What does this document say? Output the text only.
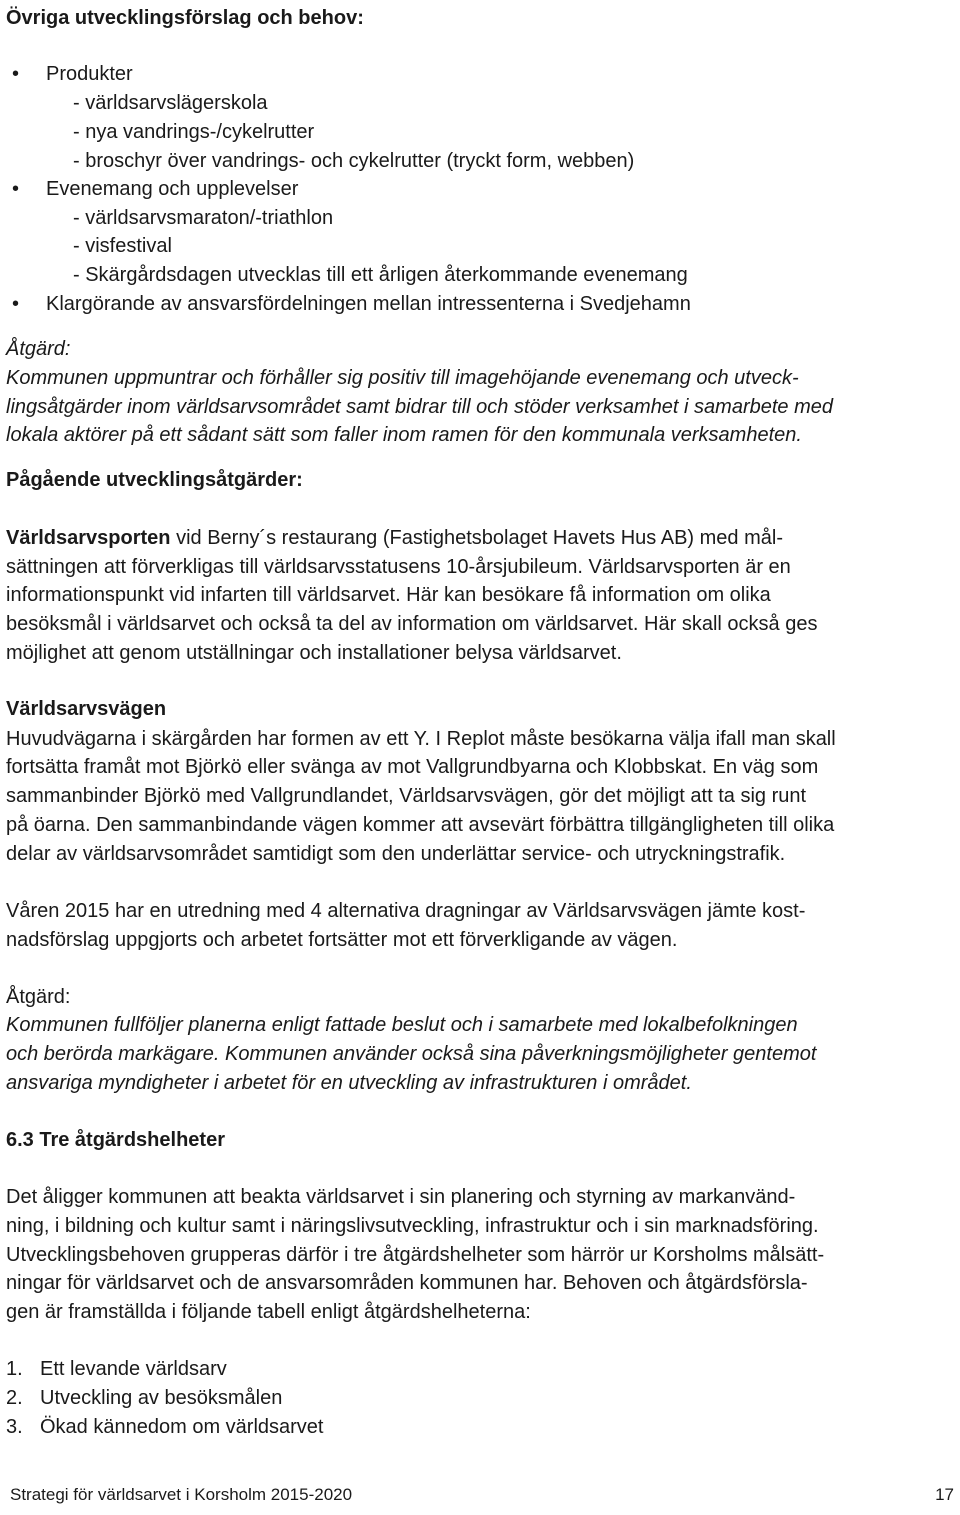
Övriga utvecklingsförslag och behov:
• Produkter
- världsarvslägerskola
- nya vandrings-/cykelrutter
- broschyr över vandrings- och cykelrutter (tryckt form, webben)
• Evenemang och upplevelser
- världsarvsmaraton/-triathlon
- visfestival
- Skärgårdsdagen utvecklas till ett årligen återkommande evenemang
• Klargörande av ansvarsfördelningen mellan intressenterna i Svedjehamn
Åtgärd:
Kommunen uppmuntrar och förhåller sig positiv till imagehöjande evenemang och utveck-
lingsåtgärder inom världsarvsområdet samt bidrar till och stöder verksamhet i samarbete med
lokala aktörer på ett sådant sätt som faller inom ramen för den kommunala verksamheten.
Pågående utvecklingsåtgärder:
Världsarvsporten vid Berny´s restaurang (Fastighetsbolaget Havets Hus AB) med mål-
sättningen att förverkligas till världsarvsstatusens 10-årsjubileum. Världsarvsporten är en
informationspunkt vid infarten till världsarvet. Här kan besökare få information om olika
besöksmål i världsarvet och också ta del av information om världsarvet. Här skall också ges
möjlighet att genom utställningar och installationer belysa världsarvet.
Världsarvsvägen
Huvudvägarna i skärgården har formen av ett Y. I Replot måste besökarna välja ifall man skall
fortsätta framåt mot Björkö eller svänga av mot Vallgrundbyarna och Klobbskat. En väg som
sammanbinder Björkö med Vallgrundlandet, Världsarvsvägen, gör det möjligt att ta sig runt
på öarna. Den sammanbindande vägen kommer att avsevärt förbättra tillgängligheten till olika
delar av världsarvsområdet samtidigt som den underlättar service- och utryckningstrafik.
Våren 2015 har en utredning med 4 alternativa dragningar av Världsarvsvägen jämte kost-
nadsförslag uppgjorts och arbetet fortsätter mot ett förverkligande av vägen.
Åtgärd:
Kommunen fullföljer planerna enligt fattade beslut och i samarbete med lokalbefolkningen
och berörda markägare. Kommunen använder också sina påverkningsmöjligheter gentemot
ansvariga myndigheter i arbetet för en utveckling av infrastrukturen i området.
6.3 Tre åtgärdshelheter
Det åligger kommunen att beakta världsarvet i sin planering och styrning av markanvänd-
ning, i bildning och kultur samt i näringslivsutveckling, infrastruktur och i sin marknadsföring.
Utvecklingsbehoven grupperas därför i tre åtgärdshelheter som härrör ur Korsholms målsätt-
ningar för världsarvet och de ansvarsområden kommunen har. Behoven och åtgärdsförsla-
gen är framställda i följande tabell enligt åtgärdshelheterna:
1. Ett levande världsarv
2. Utveckling av besöksmålen
3. Ökad kännedom om världsarvet
Strategi för världsarvet i Korsholm 2015-2020	17
